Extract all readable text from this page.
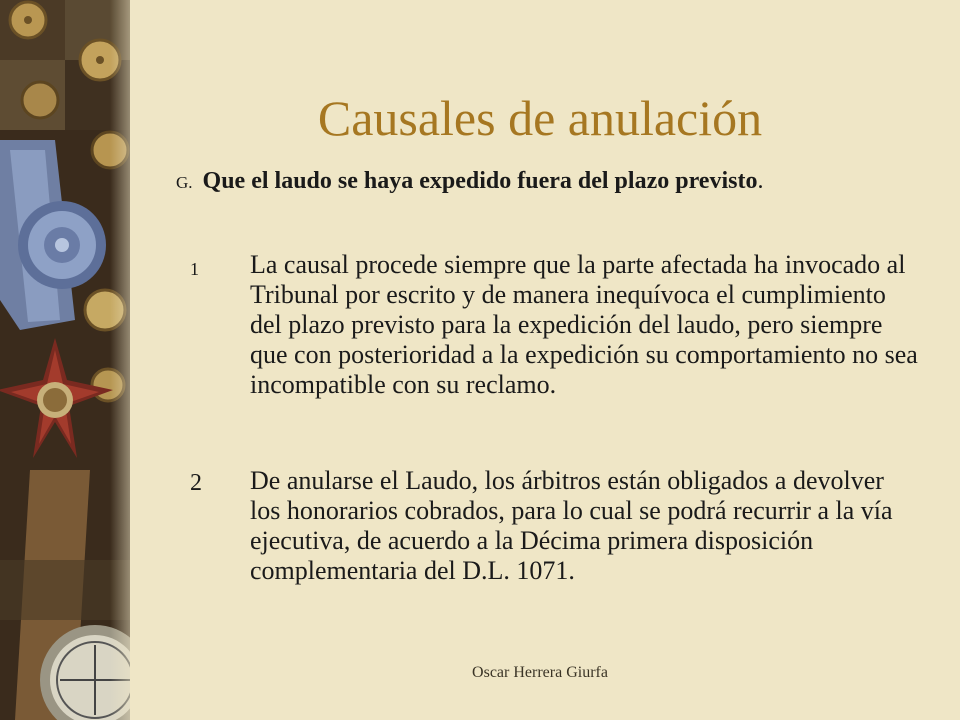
Causales de anulación
G. Que el laudo se haya expedido fuera del plazo previsto.
1	La causal procede siempre que la parte afectada ha invocado al Tribunal por escrito y de manera inequívoca el cumplimiento del plazo previsto para la expedición del laudo, pero siempre que con posterioridad a la expedición su comportamiento no sea incompatible con su reclamo.
2	De anularse el Laudo, los árbitros están obligados a devolver los honorarios cobrados, para lo cual se podrá recurrir a la vía ejecutiva, de acuerdo a la Décima primera disposición complementaria del D.L. 1071.
Oscar Herrera Giurfa
